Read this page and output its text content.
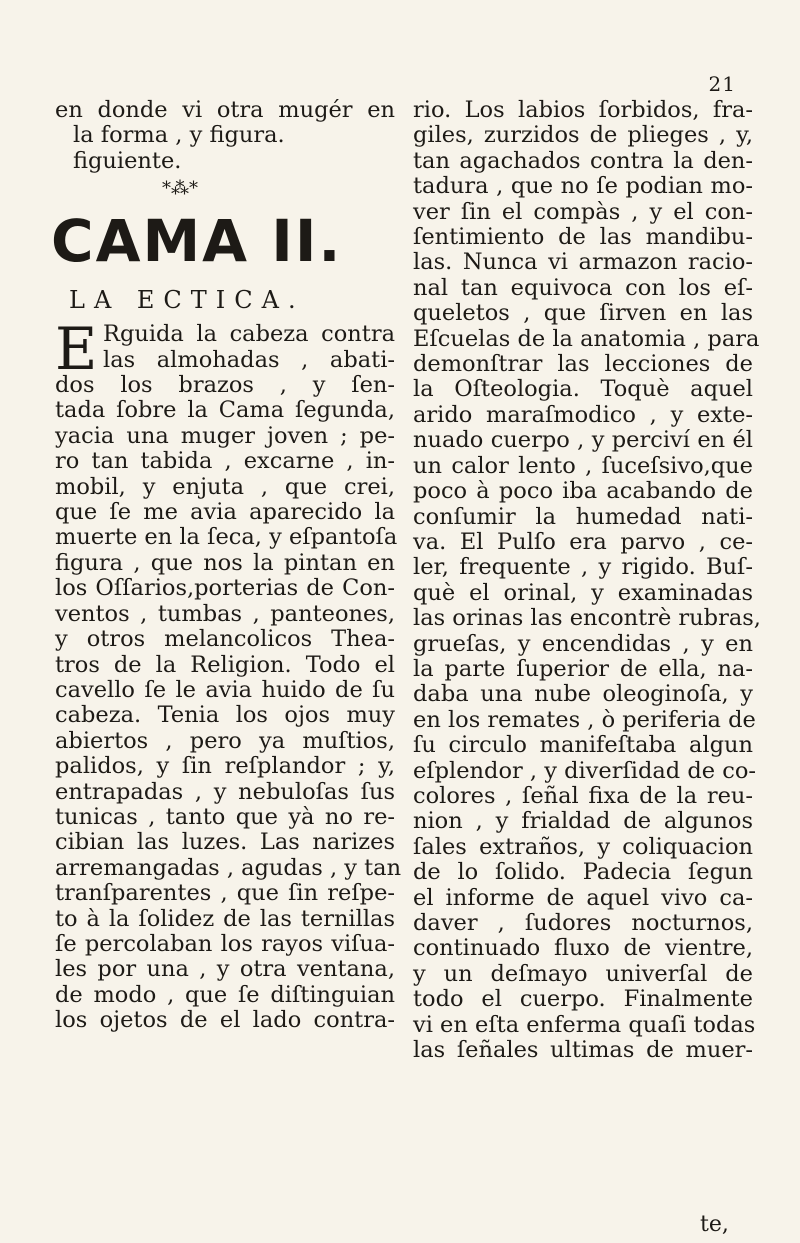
21
en donde vi otra mugér en
la forma , y figura.
figuiente.
*⁂*
CAMA II.
LA ECTICA.
E Rguida la cabeza contra
las almohadas , abati-
dos los brazos , y ſen-
tada ſobre la Cama ſegunda,
yacia una muger joven ; pe-
ro tan tabida , excarne , in-
mobil, y enjuta , que crei,
que ſe me avia aparecido la
muerte en la ſeca, y eſpantoſa
figura , que nos la pintan en
los Oſſarios,porterias de Con-
ventos , tumbas , panteones,
y otros melancolicos Thea-
tros de la Religion. Todo el
cavello ſe le avia huido de ſu
cabeza. Tenia los ojos muy
abiertos , pero ya muſtios,
palidos, y ſin reſplandor ; y,
entrapadas , y nebuloſas ſus
tunicas , tanto que yà no re-
cibian las luzes. Las narizes
arremangadas , agudas , y tan
tranſparentes , que ſin reſpe-
to à la ſolidez de las ternillas
ſe percolaban los rayos viſua-
les por una , y otra ventana,
de modo , que ſe diſtinguian
los ojetos de el lado contra-
rio. Los labios ſorbidos, fra-
giles, zurzidos de plieges , y,
tan agachados contra la den-
tadura , que no ſe podian mo-
ver ſin el compàs , y el con-
ſentimiento de las mandibu-
las. Nunca vi armazon racio-
nal tan equivoca con los eſ-
queletos , que ſirven en las
Eſcuelas de la anatomia , para
demonſtrar las lecciones de
la Oſteologia. Toquè aquel
arido maraſmodico , y exte-
nuado cuerpo , y perciví en él
un calor lento , ſuceſsivo,que
poco à poco iba acabando de
conſumir la humedad nati-
va. El Pulſo era parvo , ce-
ler, frequente , y rigido. Buſ-
què el orinal, y examinadas
las orinas las encontrè rubras,
grueſas, y encendidas , y en
la parte ſuperior de ella, na-
daba una nube oleoginoſa, y
en los remates , ò periferia de
ſu circulo manifeſtaba algun
eſplendor , y diverſidad de co-
colores , ſeñal fixa de la reu-
nion , y frialdad de algunos
ſales extraños, y coliquacion
de lo ſolido. Padecia ſegun
el informe de aquel vivo ca-
daver , ſudores nocturnos,
continuado fluxo de vientre,
y un deſmayo univerſal de
todo el cuerpo. Finalmente
vi en eſta enferma quaſi todas
las ſeñales ultimas de muer-
te,
